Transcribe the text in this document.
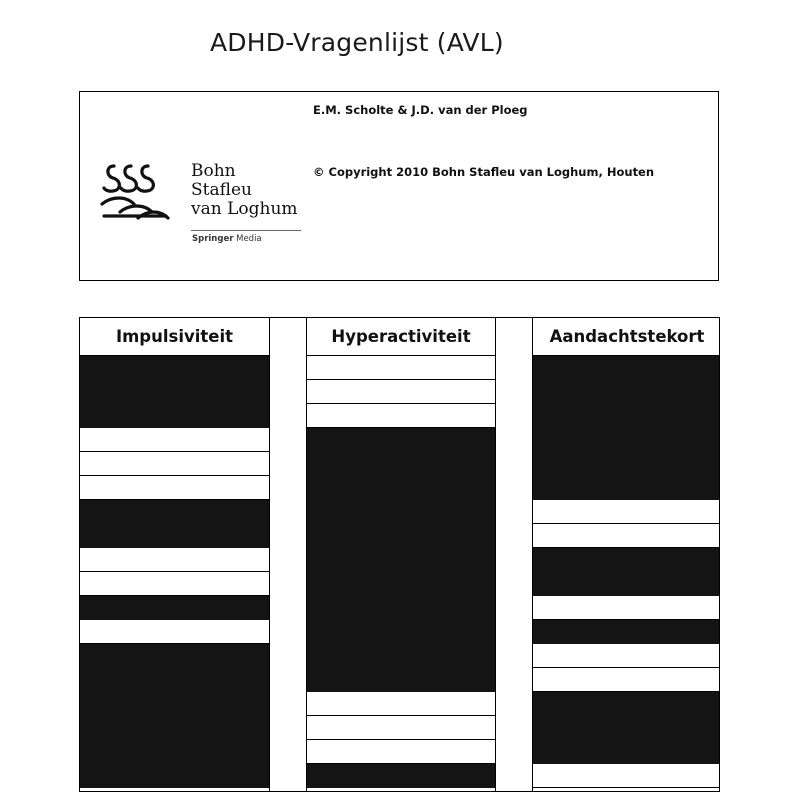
ADHD-Vragenlijst (AVL)
E.M. Scholte & J.D. van der Ploeg
© Copyright 2010 Bohn Stafleu van Loghum, Houten
Bohn
Stafleu
van Loghum
Springer Media
Impulsiviteit	Hyperactiviteit	Aandachtstekort
